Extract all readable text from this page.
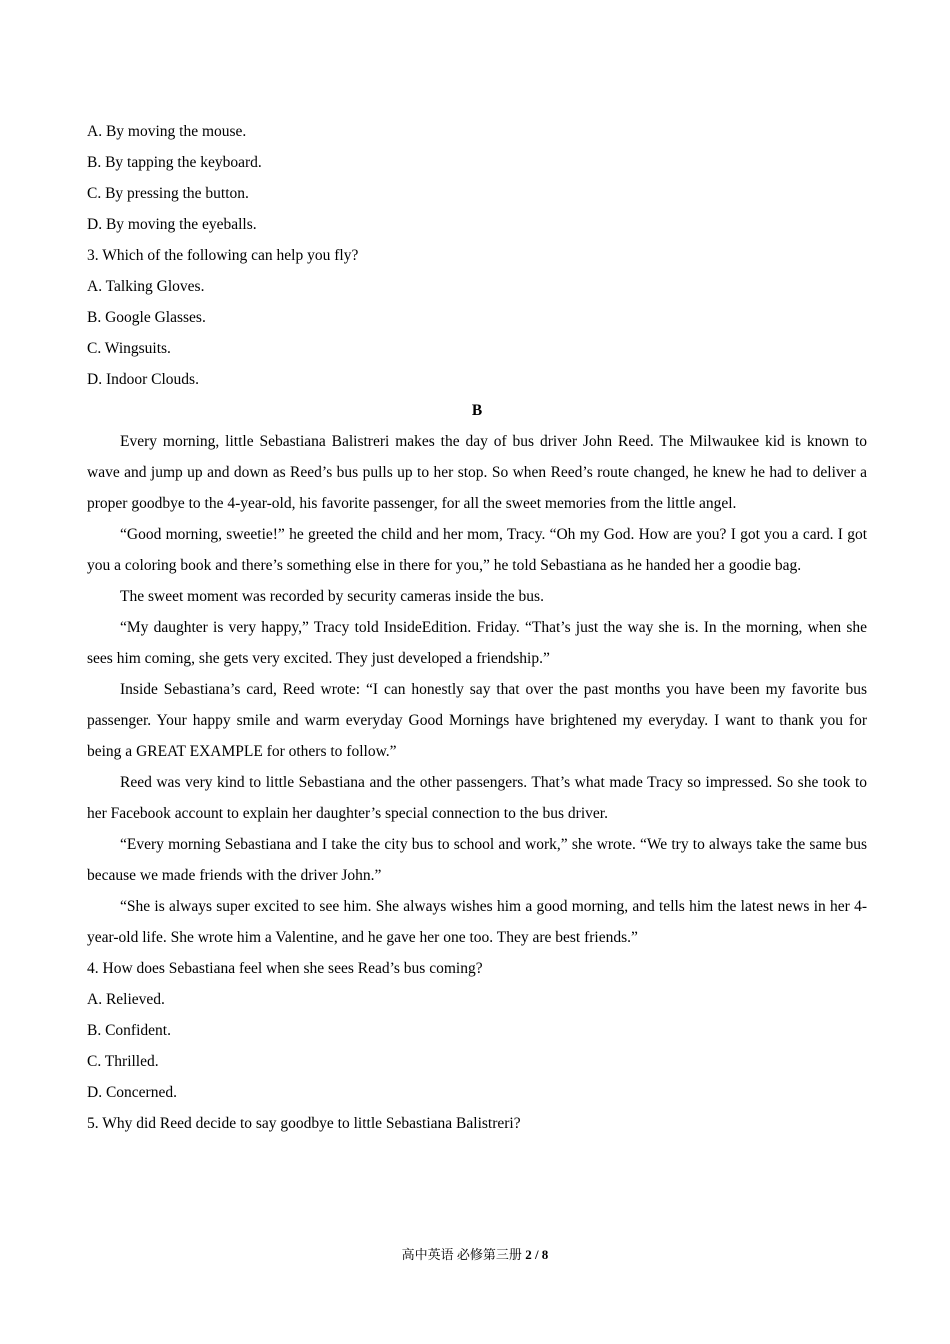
A. By moving the mouse.

B. By tapping the keyboard.

C. By pressing the button.

D. By moving the eyeballs.

3. Which of the following can help you fly?

A. Talking Gloves.

B. Google Glasses.

C. Wingsuits.

D. Indoor Clouds.

B

Every morning, little Sebastiana Balistreri makes the day of bus driver John Reed. The Milwaukee kid is known to wave and jump up and down as Reed’s bus pulls up to her stop. So when Reed’s route changed, he knew he had to deliver a proper goodbye to the 4-year-old, his favorite passenger, for all the sweet memories from the little angel.

“Good morning, sweetie!” he greeted the child and her mom, Tracy. “Oh my God. How are you? I got you a card. I got you a coloring book and there’s something else in there for you,” he told Sebastiana as he handed her a goodie bag.

The sweet moment was recorded by security cameras inside the bus.

“My daughter is very happy,” Tracy told InsideEdition. Friday. “That’s just the way she is. In the morning, when she sees him coming, she gets very excited. They just developed a friendship.”

Inside Sebastiana’s card, Reed wrote: “I can honestly say that over the past months you have been my favorite bus passenger. Your happy smile and warm everyday Good Mornings have brightened my everyday. I want to thank you for being a GREAT EXAMPLE for others to follow.”

Reed was very kind to little Sebastiana and the other passengers. That’s what made Tracy so impressed. So she took to her Facebook account to explain her daughter’s special connection to the bus driver.

“Every morning Sebastiana and I take the city bus to school and work,” she wrote. “We try to always take the same bus because we made friends with the driver John.”

“She is always super excited to see him. She always wishes him a good morning, and tells him the latest news in her 4-year-old life. She wrote him a Valentine, and he gave her one too. They are best friends.”

4. How does Sebastiana feel when she sees Read’s bus coming?

A. Relieved.

B. Confident.

C. Thrilled.

D. Concerned.

5. Why did Reed decide to say goodbye to little Sebastiana Balistreri?

高中英语 必修第三册 2 / 8
